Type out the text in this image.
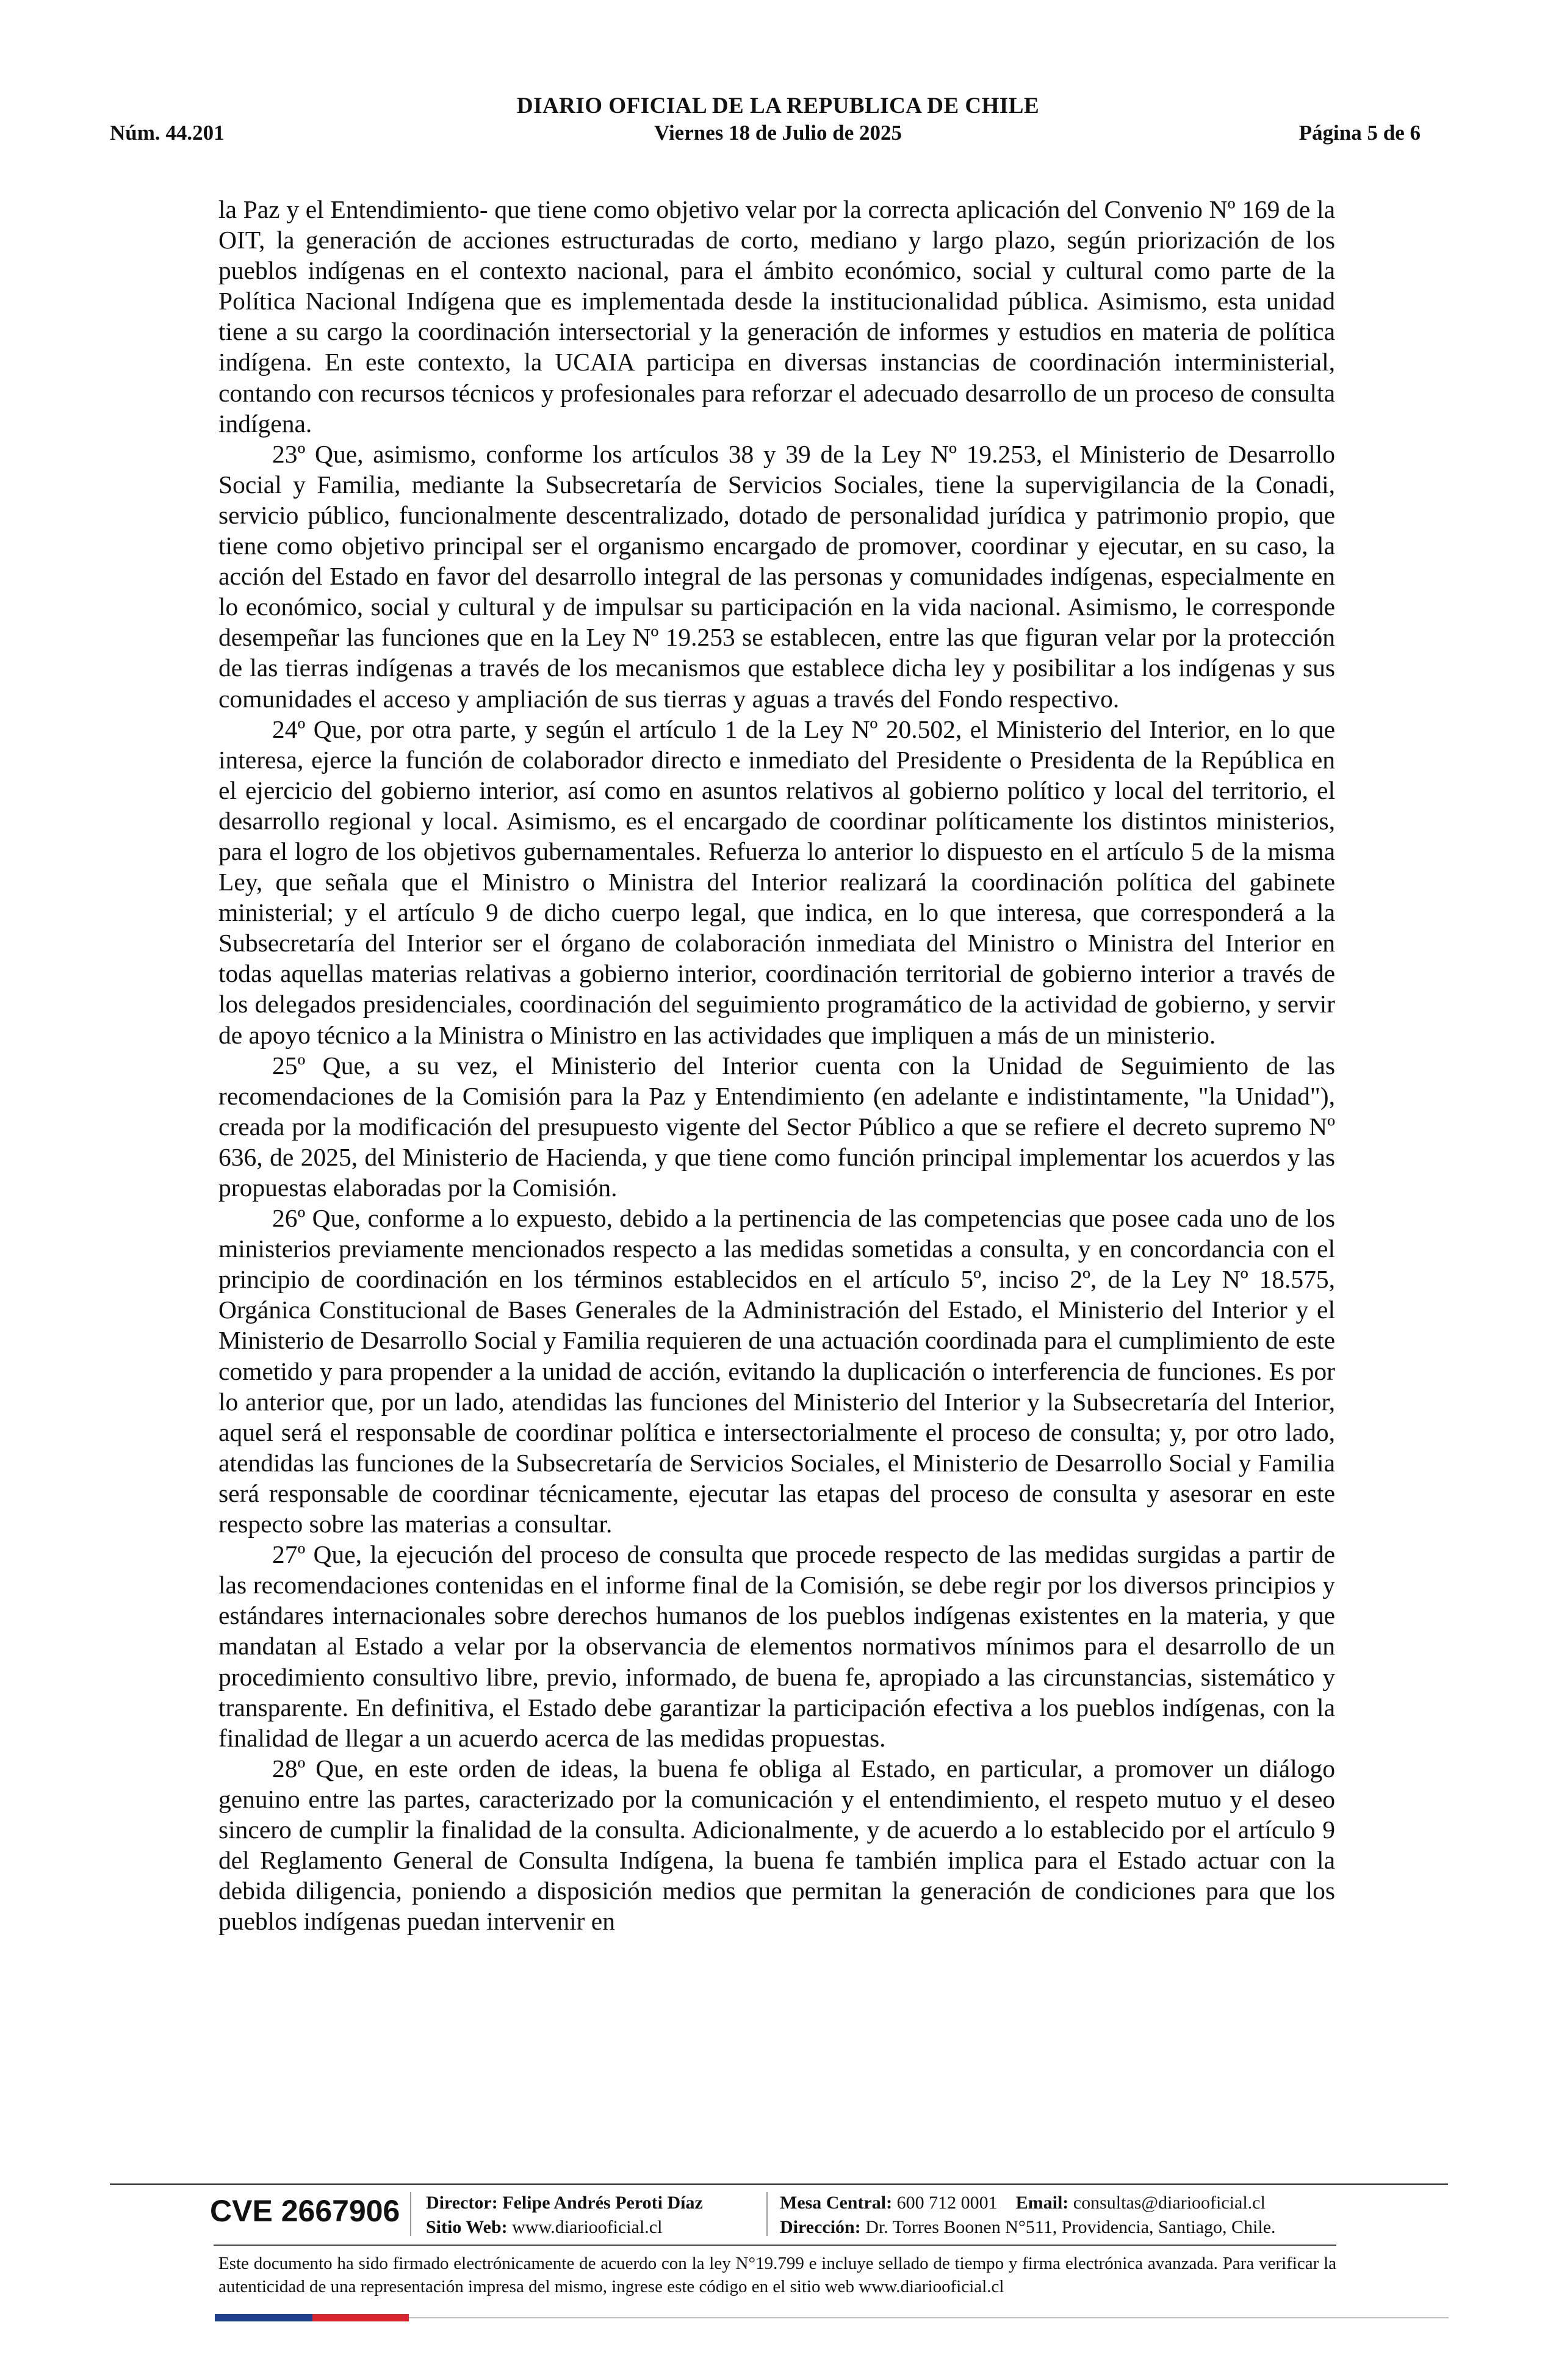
DIARIO OFICIAL DE LA REPUBLICA DE CHILE
Núm. 44.201	Viernes 18 de Julio de 2025	Página 5 de 6

la Paz y el Entendimiento- que tiene como objetivo velar por la correcta aplicación del Convenio Nº 169 de la OIT, la generación de acciones estructuradas de corto, mediano y largo plazo, según priorización de los pueblos indígenas en el contexto nacional, para el ámbito económico, social y cultural como parte de la Política Nacional Indígena que es implementada desde la institucionalidad pública. Asimismo, esta unidad tiene a su cargo la coordinación intersectorial y la generación de informes y estudios en materia de política indígena. En este contexto, la UCAIA participa en diversas instancias de coordinación interministerial, contando con recursos técnicos y profesionales para reforzar el adecuado desarrollo de un proceso de consulta indígena.

23º Que, asimismo, conforme los artículos 38 y 39 de la Ley Nº 19.253, el Ministerio de Desarrollo Social y Familia, mediante la Subsecretaría de Servicios Sociales, tiene la supervigilancia de la Conadi, servicio público, funcionalmente descentralizado, dotado de personalidad jurídica y patrimonio propio, que tiene como objetivo principal ser el organismo encargado de promover, coordinar y ejecutar, en su caso, la acción del Estado en favor del desarrollo integral de las personas y comunidades indígenas, especialmente en lo económico, social y cultural y de impulsar su participación en la vida nacional. Asimismo, le corresponde desempeñar las funciones que en la Ley Nº 19.253 se establecen, entre las que figuran velar por la protección de las tierras indígenas a través de los mecanismos que establece dicha ley y posibilitar a los indígenas y sus comunidades el acceso y ampliación de sus tierras y aguas a través del Fondo respectivo.

24º Que, por otra parte, y según el artículo 1 de la Ley Nº 20.502, el Ministerio del Interior, en lo que interesa, ejerce la función de colaborador directo e inmediato del Presidente o Presidenta de la República en el ejercicio del gobierno interior, así como en asuntos relativos al gobierno político y local del territorio, el desarrollo regional y local. Asimismo, es el encargado de coordinar políticamente los distintos ministerios, para el logro de los objetivos gubernamentales. Refuerza lo anterior lo dispuesto en el artículo 5 de la misma Ley, que señala que el Ministro o Ministra del Interior realizará la coordinación política del gabinete ministerial; y el artículo 9 de dicho cuerpo legal, que indica, en lo que interesa, que corresponderá a la Subsecretaría del Interior ser el órgano de colaboración inmediata del Ministro o Ministra del Interior en todas aquellas materias relativas a gobierno interior, coordinación territorial de gobierno interior a través de los delegados presidenciales, coordinación del seguimiento programático de la actividad de gobierno, y servir de apoyo técnico a la Ministra o Ministro en las actividades que impliquen a más de un ministerio.

25º Que, a su vez, el Ministerio del Interior cuenta con la Unidad de Seguimiento de las recomendaciones de la Comisión para la Paz y Entendimiento (en adelante e indistintamente, "la Unidad"), creada por la modificación del presupuesto vigente del Sector Público a que se refiere el decreto supremo Nº 636, de 2025, del Ministerio de Hacienda, y que tiene como función principal implementar los acuerdos y las propuestas elaboradas por la Comisión.

26º Que, conforme a lo expuesto, debido a la pertinencia de las competencias que posee cada uno de los ministerios previamente mencionados respecto a las medidas sometidas a consulta, y en concordancia con el principio de coordinación en los términos establecidos en el artículo 5º, inciso 2º, de la Ley Nº 18.575, Orgánica Constitucional de Bases Generales de la Administración del Estado, el Ministerio del Interior y el Ministerio de Desarrollo Social y Familia requieren de una actuación coordinada para el cumplimiento de este cometido y para propender a la unidad de acción, evitando la duplicación o interferencia de funciones. Es por lo anterior que, por un lado, atendidas las funciones del Ministerio del Interior y la Subsecretaría del Interior, aquel será el responsable de coordinar política e intersectorialmente el proceso de consulta; y, por otro lado, atendidas las funciones de la Subsecretaría de Servicios Sociales, el Ministerio de Desarrollo Social y Familia será responsable de coordinar técnicamente, ejecutar las etapas del proceso de consulta y asesorar en este respecto sobre las materias a consultar.

27º Que, la ejecución del proceso de consulta que procede respecto de las medidas surgidas a partir de las recomendaciones contenidas en el informe final de la Comisión, se debe regir por los diversos principios y estándares internacionales sobre derechos humanos de los pueblos indígenas existentes en la materia, y que mandatan al Estado a velar por la observancia de elementos normativos mínimos para el desarrollo de un procedimiento consultivo libre, previo, informado, de buena fe, apropiado a las circunstancias, sistemático y transparente. En definitiva, el Estado debe garantizar la participación efectiva a los pueblos indígenas, con la finalidad de llegar a un acuerdo acerca de las medidas propuestas.

28º Que, en este orden de ideas, la buena fe obliga al Estado, en particular, a promover un diálogo genuino entre las partes, caracterizado por la comunicación y el entendimiento, el respeto mutuo y el deseo sincero de cumplir la finalidad de la consulta. Adicionalmente, y de acuerdo a lo establecido por el artículo 9 del Reglamento General de Consulta Indígena, la buena fe también implica para el Estado actuar con la debida diligencia, poniendo a disposición medios que permitan la generación de condiciones para que los pueblos indígenas puedan intervenir en

CVE 2667906 Director: Felipe Andrés Peroti Díaz
Sitio Web: www.diariooficial.cl
Mesa Central: 600 712 0001 Email: consultas@diariooficial.cl
Dirección: Dr. Torres Boonen N°511, Providencia, Santiago, Chile.
Este documento ha sido firmado electrónicamente de acuerdo con la ley N°19.799 e incluye sellado de tiempo y firma electrónica avanzada. Para verificar la autenticidad de una representación impresa del mismo, ingrese este código en el sitio web www.diariooficial.cl
